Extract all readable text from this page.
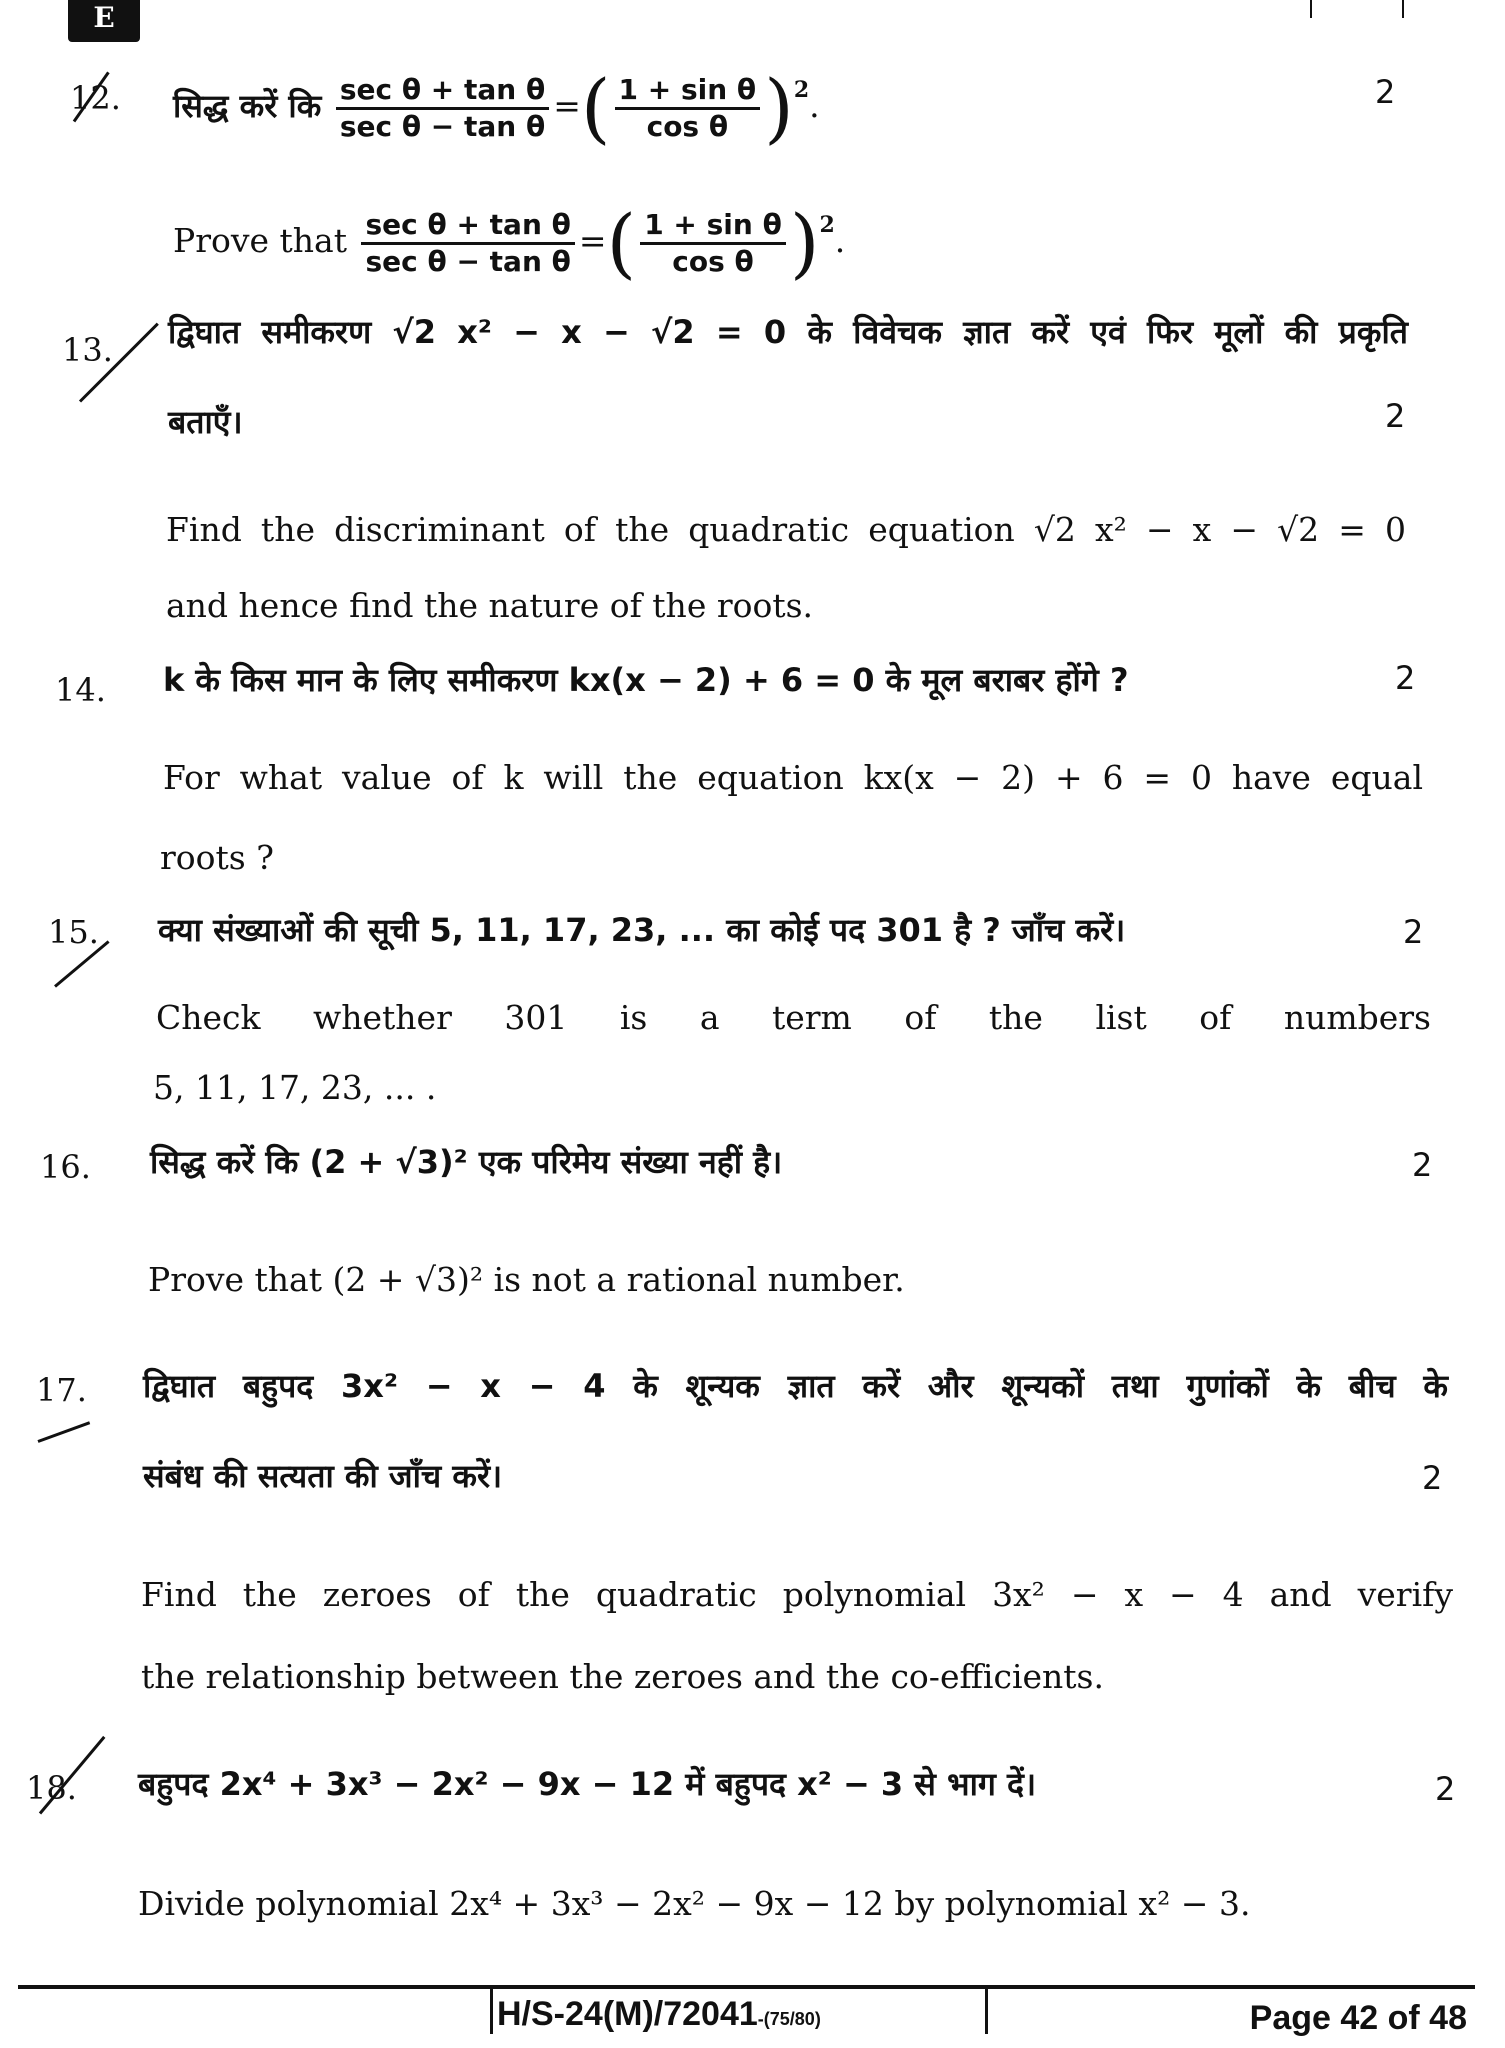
E
12. सिद्ध करें कि $\frac{\text{sec θ + tan θ}}{\text{sec θ − tan θ}}$ = ( $\frac{\text{1 + sin θ}}{\text{cos θ}}$ ) 2 .	2
Prove that $\frac{\text{sec θ + tan θ}}{\text{sec θ − tan θ}}$ = ( $\frac{\text{1 + sin θ}}{\text{cos θ}}$ ) 2 .
13. द्विघात समीकरण √2 x² − x − √2 = 0 के विवेचक ज्ञात करें एवं फिर मूलों की प्रकृति
बताएँ।	2
Find the discriminant of the quadratic equation √2 x² − x − √2 = 0
and hence find the nature of the roots.
14. k के किस मान के लिए समीकरण kx(x − 2) + 6 = 0 के मूल बराबर होंगे ?	2
For what value of k will the equation kx(x − 2) + 6 = 0 have equal
roots ?
15. क्या संख्याओं की सूची 5, 11, 17, 23, ... का कोई पद 301 है ? जाँच करें।	2
Check whether 301 is a term of the list of numbers
5, 11, 17, 23, ... .
16. सिद्ध करें कि (2 + √3)² एक परिमेय संख्या नहीं है।	2
Prove that (2 + √3)² is not a rational number.
17. द्विघात बहुपद 3x² − x − 4 के शून्यक ज्ञात करें और शून्यकों तथा गुणांकों के बीच के
संबंध की सत्यता की जाँच करें।	2
Find the zeroes of the quadratic polynomial 3x² − x − 4 and verify
the relationship between the zeroes and the co-efficients.
18. बहुपद 2x⁴ + 3x³ − 2x² − 9x − 12 में बहुपद x² − 3 से भाग दें।	2
Divide polynomial 2x⁴ + 3x³ − 2x² − 9x − 12 by polynomial x² − 3.
H/S-24(M)/72041-(75/80)	Page 42 of 48
